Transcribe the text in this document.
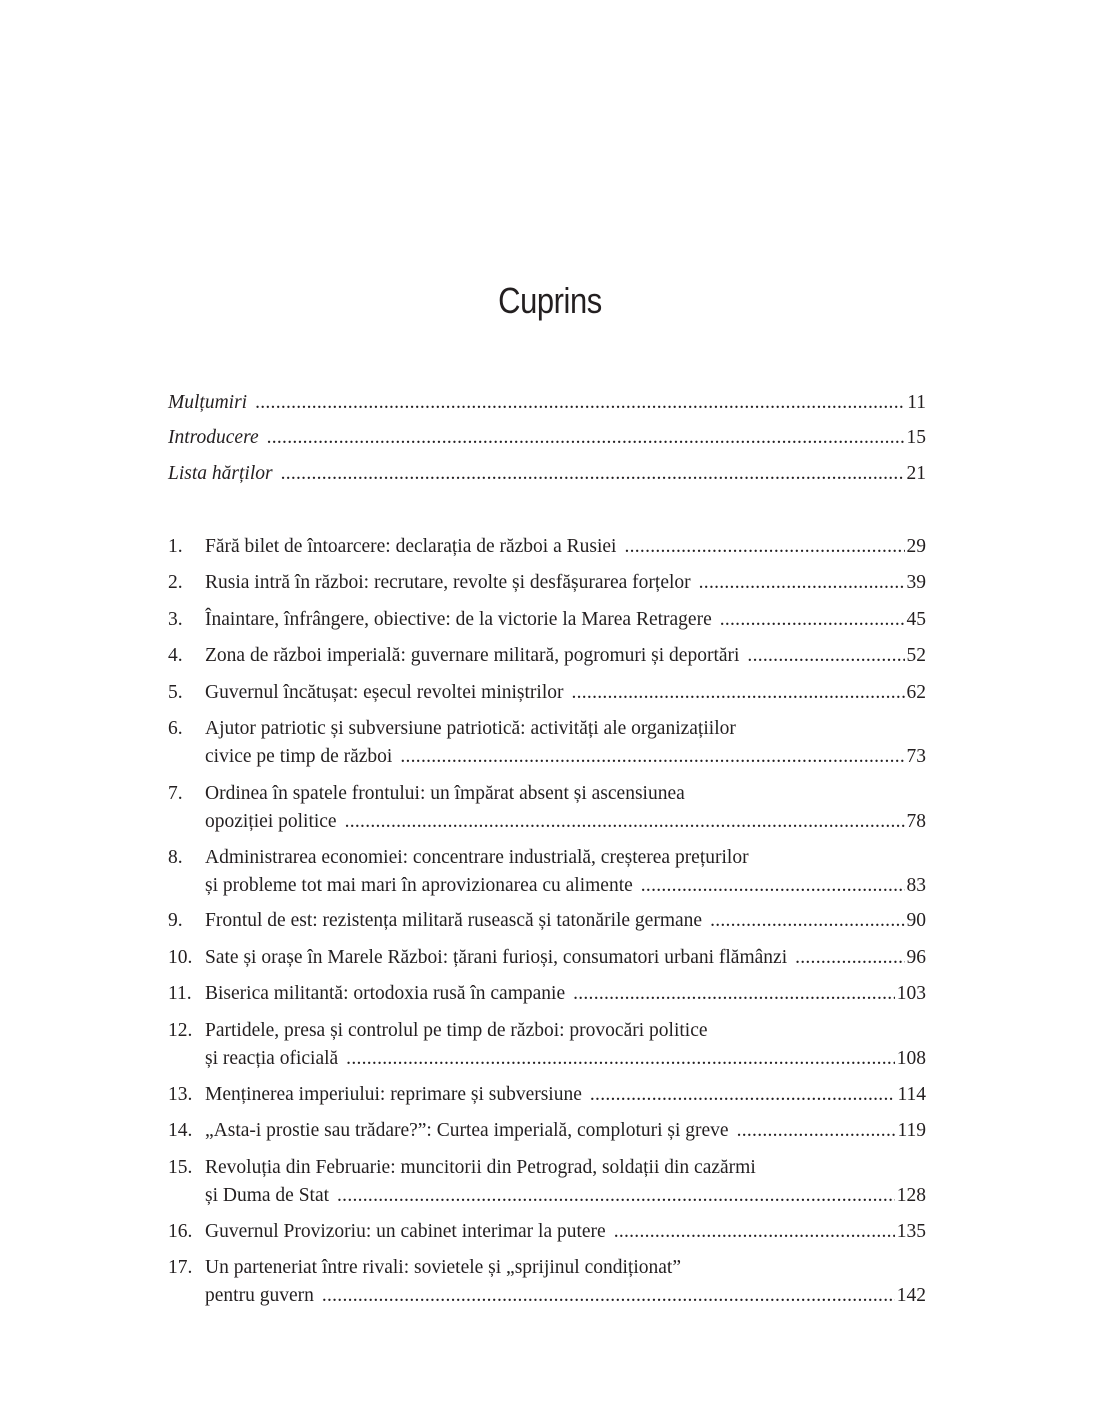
Cuprins
Mulțumiri . . .	11
Introducere . . .	15
Lista hărților . . .	21
1.	Fără bilet de întoarcere: declarația de război a Rusiei . . .	29
2.	Rusia intră în război: recrutare, revolte și desfășurarea forțelor . . .	39
3.	Înaintare, înfrângere, obiective: de la victorie la Marea Retragere . . .	45
4.	Zona de război imperială: guvernare militară, pogromuri și deportări . . .	52
5.	Guvernul încătușat: eșecul revoltei miniștrilor . . .	62
6.	Ajutor patriotic și subversiune patriotică: activități ale organizațiilor
civice pe timp de război . . .	73
7.	Ordinea în spatele frontului: un împărat absent și ascensiunea
opoziției politice . . .	78
8.	Administrarea economiei: concentrare industrială, creșterea prețurilor
și probleme tot mai mari în aprovizionarea cu alimente . . .	83
9.	Frontul de est: rezistența militară rusească și tatonările germane . . .	90
10. Sate și orașe în Marele Război: țărani furioși, consumatori urbani flămânzi . . .	96
11. Biserica militantă: ortodoxia rusă în campanie . . .	103
12. Partidele, presa și controlul pe timp de război: provocări politice
și reacția oficială . . .	108
13. Menținerea imperiului: reprimare și subversiune . . .	114
14. „Asta-i prostie sau trădare?”: Curtea imperială, comploturi și greve . . .	119
15. Revoluția din Februarie: muncitorii din Petrograd, soldații din cazărmi
și Duma de Stat . . .	128
16. Guvernul Provizoriu: un cabinet interimar la putere . . .	135
17. Un parteneriat între rivali: sovietele și „sprijinul condiționat”
pentru guvern . . .	142
